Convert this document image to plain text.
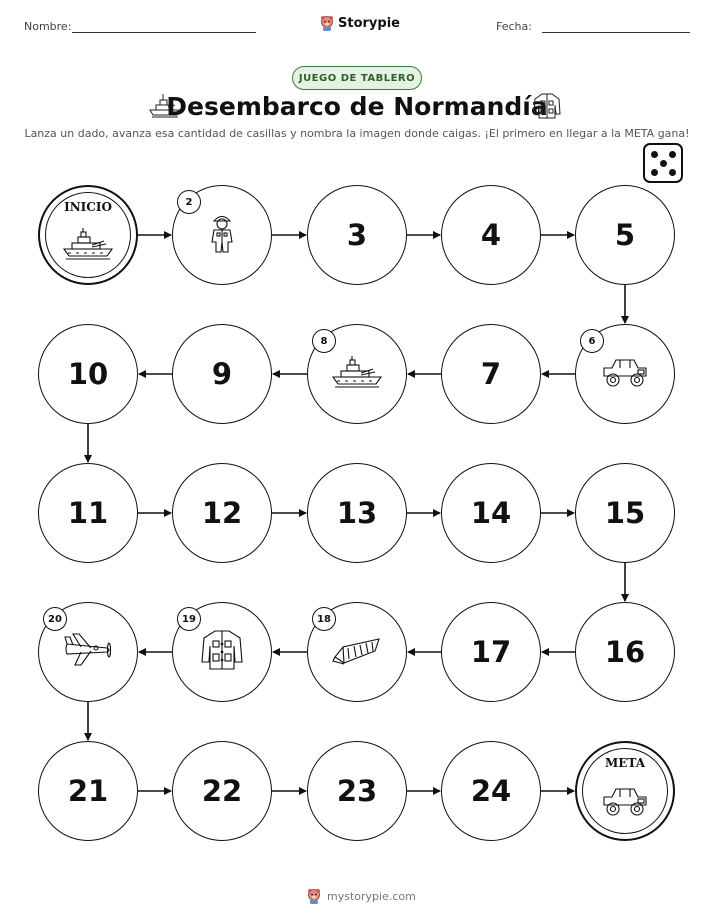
Nombre:	Storypie	Fecha:
JUEGO DE TABLERO
Desembarco de Normandía
Lanza un dado, avanza esa cantidad de casillas y nombra la imagen donde caigas. ¡El primero en llegar a la META gana!
INICIO	2
3	4	5
6
7
8
9
10
11	12	13	14	15
16
17
18
19
20
21	22	23	24
META
mystorypie.com
